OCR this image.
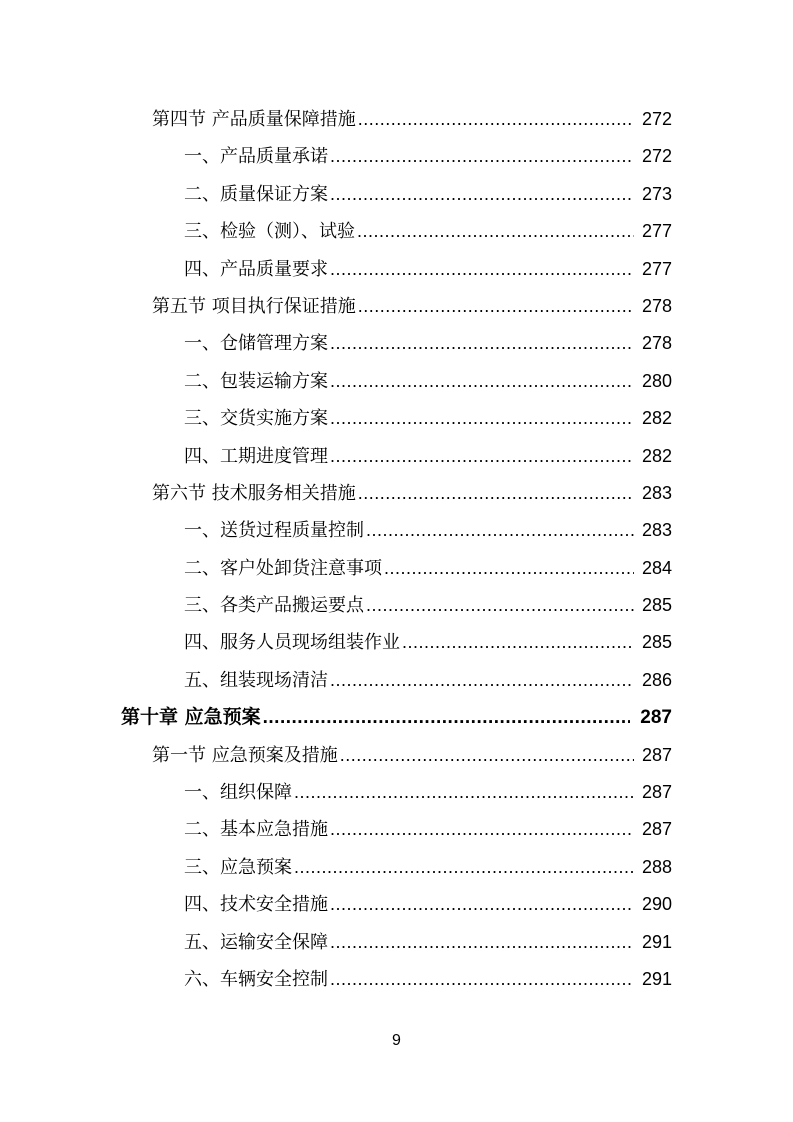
第四节 产品质量保障措施 .....	272
一、产品质量承诺 .....	272
二、质量保证方案 .....	273
三、检验（测）、试验 .....	277
四、产品质量要求 .....	277
第五节 项目执行保证措施 .....	278
一、仓储管理方案 .....	278
二、包装运输方案 .....	280
三、交货实施方案 .....	282
四、工期进度管理 .....	282
第六节 技术服务相关措施 .....	283
一、送货过程质量控制 .....	283
二、客户处卸货注意事项 .....	284
三、各类产品搬运要点 .....	285
四、服务人员现场组装作业 .....	285
五、组装现场清洁 .....	286
第十章 应急预案 .....	287
第一节 应急预案及措施 .....	287
一、组织保障 .....	287
二、基本应急措施 .....	287
三、应急预案 .....	288
四、技术安全措施 .....	290
五、运输安全保障 .....	291
六、车辆安全控制 .....	291
9
